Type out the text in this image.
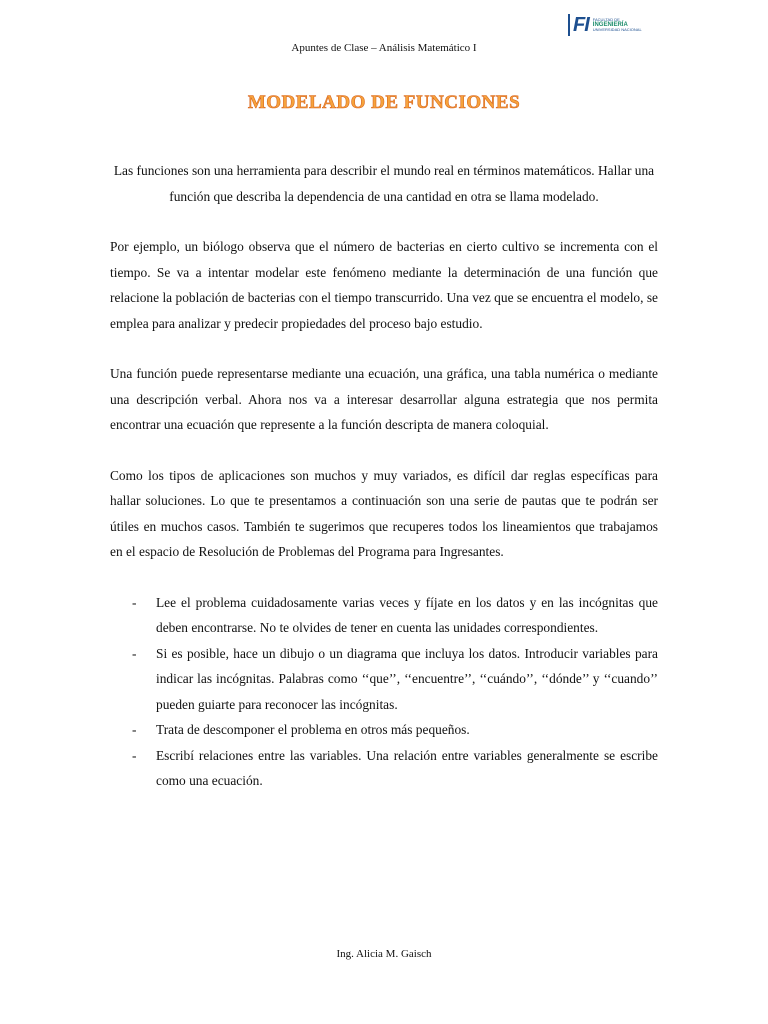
FI FACULTAD DE
INGENIERÍA
UNIVERSIDAD NACIONAL
Apuntes de Clase – Análisis Matemático I
MODELADO DE FUNCIONES

Las funciones son una herramienta para describir el mundo real en términos matemáticos. Hallar una función que describa la dependencia de una cantidad en otra se llama modelado.

Por ejemplo, un biólogo observa que el número de bacterias en cierto cultivo se incrementa con el tiempo. Se va a intentar modelar este fenómeno mediante la determinación de una función que relacione la población de bacterias con el tiempo transcurrido. Una vez que se encuentra el modelo, se emplea para analizar y predecir propiedades del proceso bajo estudio.

Una función puede representarse mediante una ecuación, una gráfica, una tabla numérica o mediante una descripción verbal. Ahora nos va a interesar desarrollar alguna estrategia que nos permita encontrar una ecuación que represente a la función descripta de manera coloquial.

Como los tipos de aplicaciones son muchos y muy variados, es difícil dar reglas específicas para hallar soluciones. Lo que te presentamos a continuación son una serie de pautas que te podrán ser útiles en muchos casos. También te sugerimos que recuperes todos los lineamientos que trabajamos en el espacio de Resolución de Problemas del Programa para Ingresantes.

- Lee el problema cuidadosamente varias veces y fíjate en los datos y en las incógnitas que deben encontrarse. No te olvides de tener en cuenta las unidades correspondientes.
- Si es posible, hace un dibujo o un diagrama que incluya los datos. Introducir variables para indicar las incógnitas. Palabras como ‘‘que’’, ‘‘encuentre’’, ‘‘cuándo’’, ‘‘dónde’’ y ‘‘cuando’’ pueden guiarte para reconocer las incógnitas.
- Trata de descomponer el problema en otros más pequeños.
- Escribí relaciones entre las variables. Una relación entre variables generalmente se escribe como una ecuación.
Ing. Alicia M. Gaisch
